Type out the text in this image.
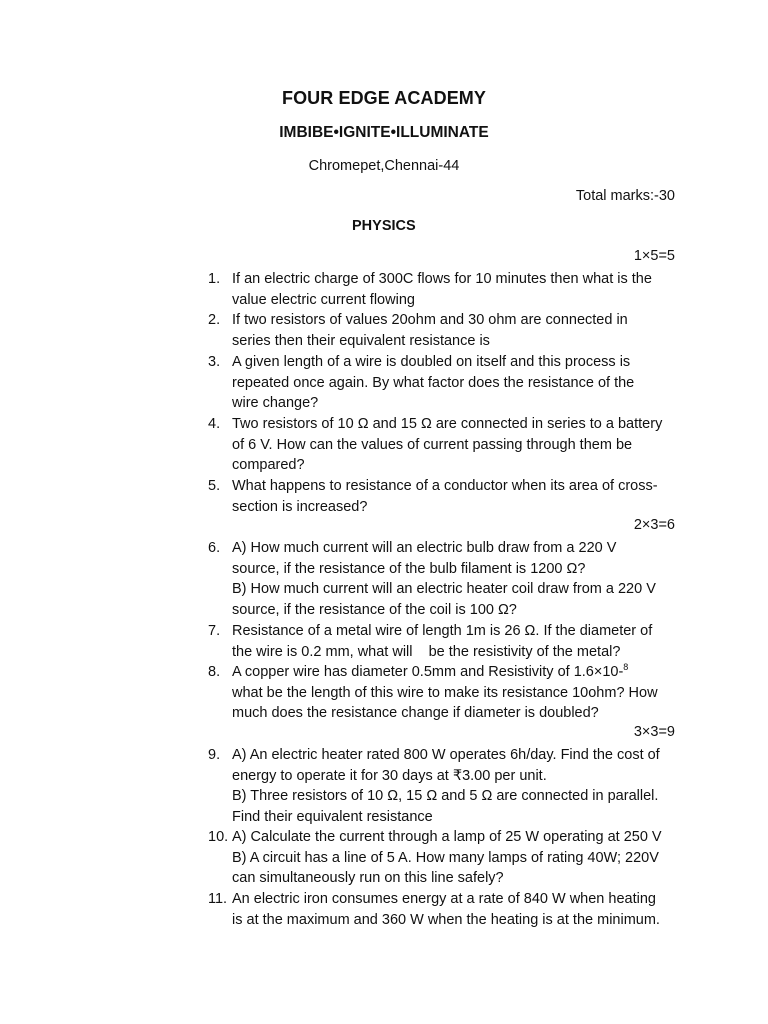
FOUR EDGE ACADEMY
IMBIBE•IGNITE•ILLUMINATE
Chromepet,Chennai-44
Total marks:-30
PHYSICS
1×5=5
1. If an electric charge of 300C flows for 10 minutes then what is the
value electric current flowing
2. If two resistors of values 20ohm and 30 ohm are connected in
series then their equivalent resistance is
3. A given length of a wire is doubled on itself and this process is
repeated once again. By what factor does the resistance of the
wire change?
4. Two resistors of 10 Ω and 15 Ω are connected in series to a battery
of 6 V. How can the values of current passing through them be
compared?
5. What happens to resistance of a conductor when its area of cross-
section is increased?
2×3=6
6. A) How much current will an electric bulb draw from a 220 V
source, if the resistance of the bulb filament is 1200 Ω?
B) How much current will an electric heater coil draw from a 220 V
source, if the resistance of the coil is 100 Ω?
7. Resistance of a metal wire of length 1m is 26 Ω. If the diameter of
the wire is 0.2 mm, what will    be the resistivity of the metal?
8. A copper wire has diameter 0.5mm and Resistivity of 1.6×10-$^8$
what be the length of this wire to make its resistance 10ohm? How
much does the resistance change if diameter is doubled?
3×3=9
9. A) An electric heater rated 800 W operates 6h/day. Find the cost of
energy to operate it for 30 days at ₹3.00 per unit.
B) Three resistors of 10 Ω, 15 Ω and 5 Ω are connected in parallel.
Find their equivalent resistance
10. A) Calculate the current through a lamp of 25 W operating at 250 V
B) A circuit has a line of 5 A. How many lamps of rating 40W; 220V
can simultaneously run on this line safely?
11. An electric iron consumes energy at a rate of 840 W when heating
is at the maximum and 360 W when the heating is at the minimum.
